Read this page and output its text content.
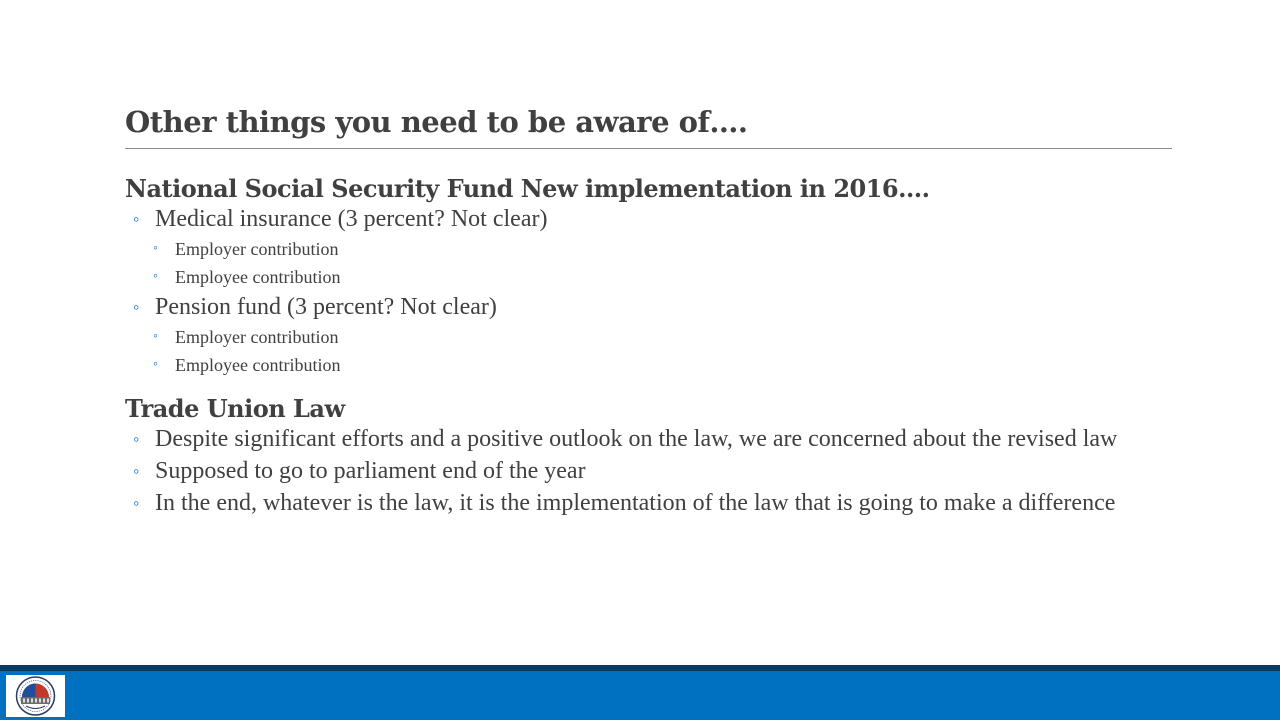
Other things you need to be aware of….
National Social Security Fund New implementation in 2016….
◦ Medical insurance (3 percent? Not clear)
◦ Employer contribution
◦ Employee contribution
◦ Pension fund (3 percent? Not clear)
◦ Employer contribution
◦ Employee contribution
Trade Union Law
◦ Despite significant efforts and a positive outlook on the law, we are concerned about the revised law
◦ Supposed to go to parliament end of the year
◦ In the end, whatever is the law, it is the implementation of the law that is going to make a difference
